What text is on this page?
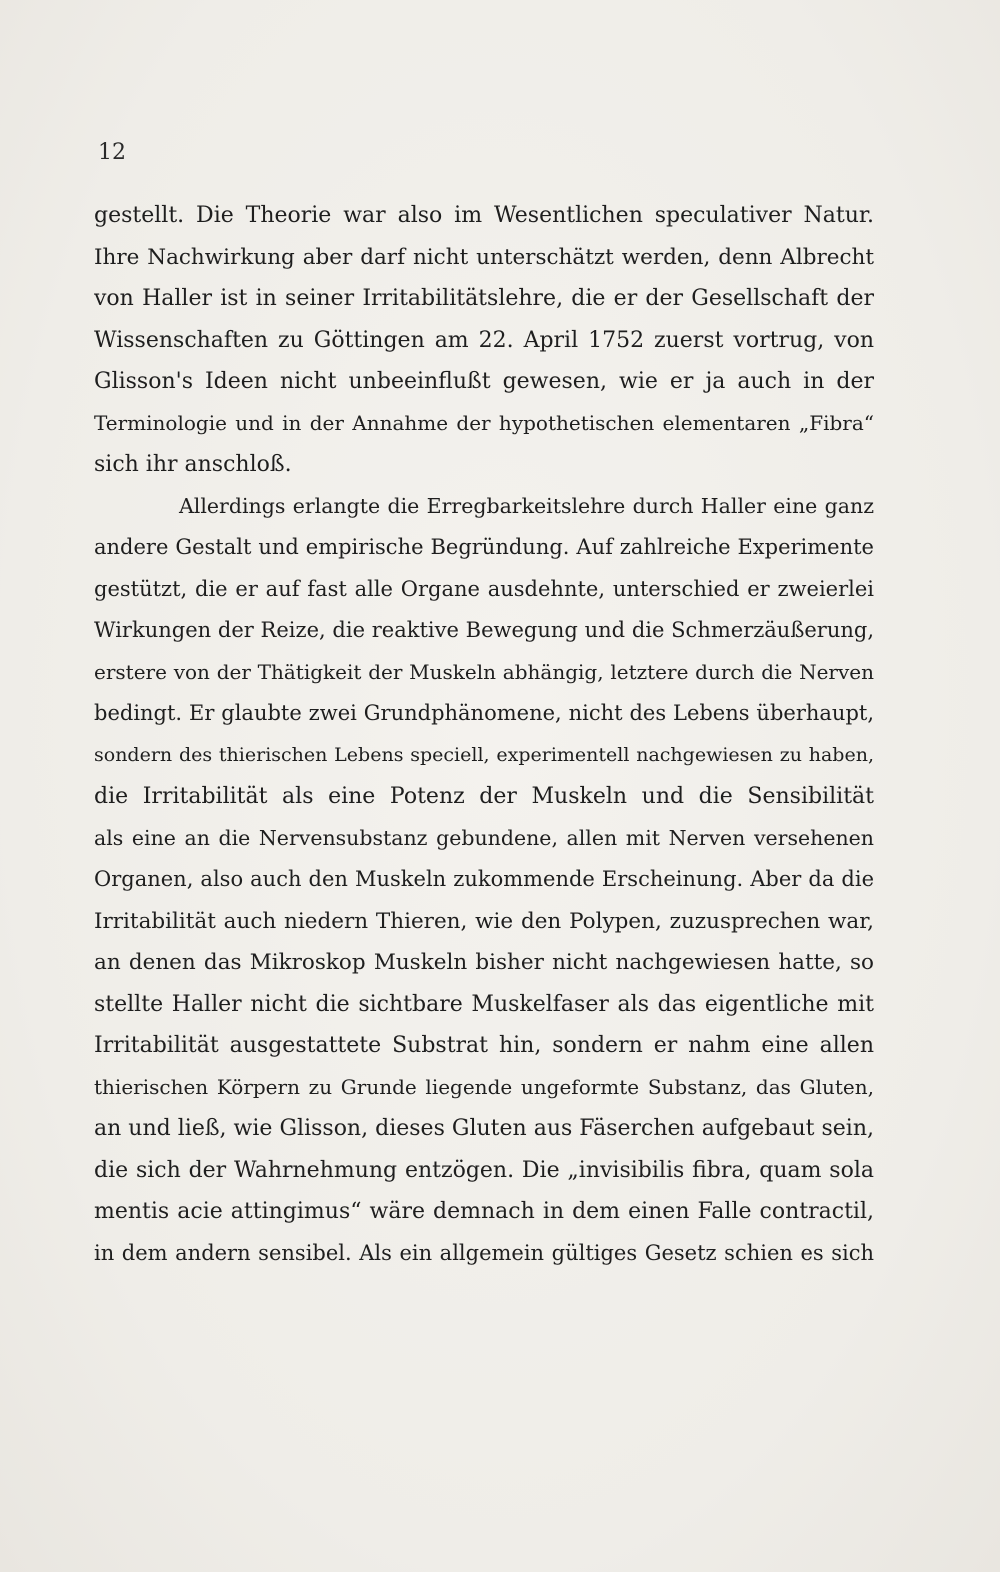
12

gestellt. Die Theorie war also im Wesentlichen speculativer Natur.
Ihre Nachwirkung aber darf nicht unterschätzt werden, denn Albrecht
von Haller ist in seiner Irritabilitätslehre, die er der Gesellschaft der
Wissenschaften zu Göttingen am 22. April 1752 zuerst vortrug, von
Glisson's Ideen nicht unbeeinflußt gewesen, wie er ja auch in der
Terminologie und in der Annahme der hypothetischen elementaren „Fibra“
sich ihr anschloß.
Allerdings erlangte die Erregbarkeitslehre durch Haller eine ganz
andere Gestalt und empirische Begründung. Auf zahlreiche Experimente
gestützt, die er auf fast alle Organe ausdehnte, unterschied er zweierlei
Wirkungen der Reize, die reaktive Bewegung und die Schmerzäußerung,
erstere von der Thätigkeit der Muskeln abhängig, letztere durch die Nerven
bedingt. Er glaubte zwei Grundphänomene, nicht des Lebens überhaupt,
sondern des thierischen Lebens speciell, experimentell nachgewiesen zu haben,
die Irritabilität als eine Potenz der Muskeln und die Sensibilität
als eine an die Nervensubstanz gebundene, allen mit Nerven versehenen
Organen, also auch den Muskeln zukommende Erscheinung. Aber da die
Irritabilität auch niedern Thieren, wie den Polypen, zuzusprechen war,
an denen das Mikroskop Muskeln bisher nicht nachgewiesen hatte, so
stellte Haller nicht die sichtbare Muskelfaser als das eigentliche mit
Irritabilität ausgestattete Substrat hin, sondern er nahm eine allen
thierischen Körpern zu Grunde liegende ungeformte Substanz, das Gluten,
an und ließ, wie Glisson, dieses Gluten aus Fäserchen aufgebaut sein,
die sich der Wahrnehmung entzögen. Die „invisibilis fibra, quam sola
mentis acie attingimus“ wäre demnach in dem einen Falle contractil,
in dem andern sensibel. Als ein allgemein gültiges Gesetz schien es sich
